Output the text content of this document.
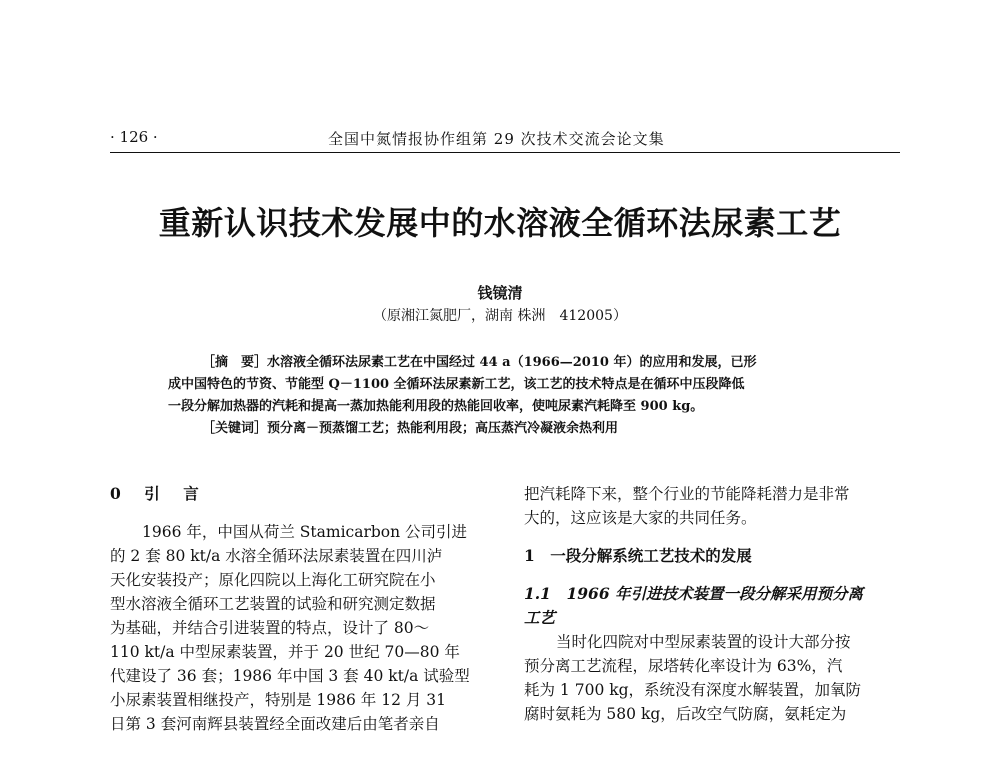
· 126 ·	全国中氮情报协作组第 29 次技术交流会论文集
重新认识技术发展中的水溶液全循环法尿素工艺
钱镜清
（原湘江氮肥厂，湖南 株洲　412005）
［摘　要］水溶液全循环法尿素工艺在中国经过 44 a（1966—2010 年）的应用和发展，已形
成中国特色的节资、节能型 Q－1100 全循环法尿素新工艺，该工艺的技术特点是在循环中压段降低
一段分解加热器的汽耗和提高一蒸加热能利用段的热能回收率，使吨尿素汽耗降至 900 kg。
［关键词］预分离－预蒸馏工艺；热能利用段；高压蒸汽冷凝液余热利用
0　引　言
1966 年，中国从荷兰 Stamicarbon 公司引进
的 2 套 80 kt/a 水溶全循环法尿素装置在四川泸
天化安装投产；原化四院以上海化工研究院在小
型水溶液全循环工艺装置的试验和研究测定数据
为基础，并结合引进装置的特点，设计了 80～
110 kt/a 中型尿素装置，并于 20 世纪 70—80 年
代建设了 36 套；1986 年中国 3 套 40 kt/a 试验型
小尿素装置相继投产，特别是 1986 年 12 月 31
日第 3 套河南辉县装置经全面改建后由笔者亲自
把汽耗降下来，整个行业的节能降耗潜力是非常
大的，这应该是大家的共同任务。
1　一段分解系统工艺技术的发展
1.1　1966 年引进技术装置一段分解采用预分离
工艺
当时化四院对中型尿素装置的设计大部分按
预分离工艺流程，尿塔转化率设计为 63%，汽
耗为 1 700 kg，系统没有深度水解装置，加氧防
腐时氨耗为 580 kg，后改空气防腐，氨耗定为
